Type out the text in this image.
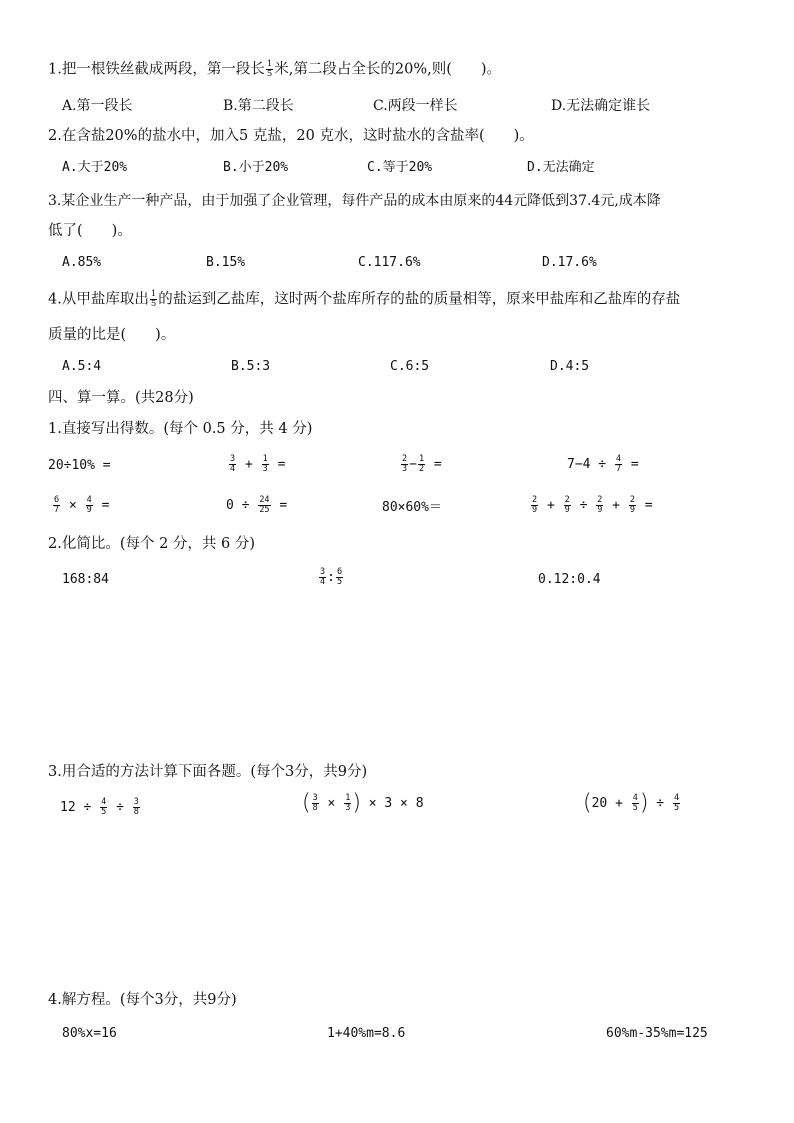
1.把一根铁丝截成两段，第一段长 $\frac{1}{5}$ 米,第二段占全长的20%,则(　　)。
A.第一段长	B.第二段长	C.两段一样长	D.无法确定谁长
2.在含盐20%的盐水中，加入5 克盐，20 克水，这时盐水的含盐率(　　)。
A.大于20%	B.小于20%	C.等于20%	D.无法确定
3.某企业生产一种产品，由于加强了企业管理，每件产品的成本由原来的44元降低到37.4元,成本降
低了(　　)。
A.85%	B.15%	C.117.6%	D.17.6%
4.从甲盐库取出 $\frac{1}{5}$ 的盐运到乙盐库，这时两个盐库所存的盐的质量相等，原来甲盐库和乙盐库的存盐
质量的比是(　　)。
A.5:4	B.5:3	C.6:5	D.4:5
四、算一算。(共28分)
1.直接写出得数。(每个 0.5 分，共 4 分)
20÷10% =	$\frac{3}{4} + \frac{1}{3}$ =	$\frac{2}{3} - \frac{1}{2}$ =	$7-4 \div \frac{4}{7}$ =
$\frac{6}{7} \times \frac{4}{9}$ =	$0 \div \frac{24}{25}$ =	80×60%＝	$\frac{2}{9} + \frac{2}{9} \div \frac{2}{9} + \frac{2}{9}$ =
2.化简比。(每个 2 分，共 6 分)
168:84	$\frac{3}{4}$ : $\frac{6}{5}$	0.12:0.4
3.用合适的方法计算下面各题。(每个3分，共9分)
$12 \div \frac{4}{5} \div \frac{3}{8}$	( $\frac{3}{8} \times \frac{1}{3}$ ) × 3 × 8	($20 + \frac{4}{5}$ ) ÷ $\frac{4}{5}$
4.解方程。(每个3分，共9分)
80%x=16	1+40%m=8.6	60%m-35%m=125
